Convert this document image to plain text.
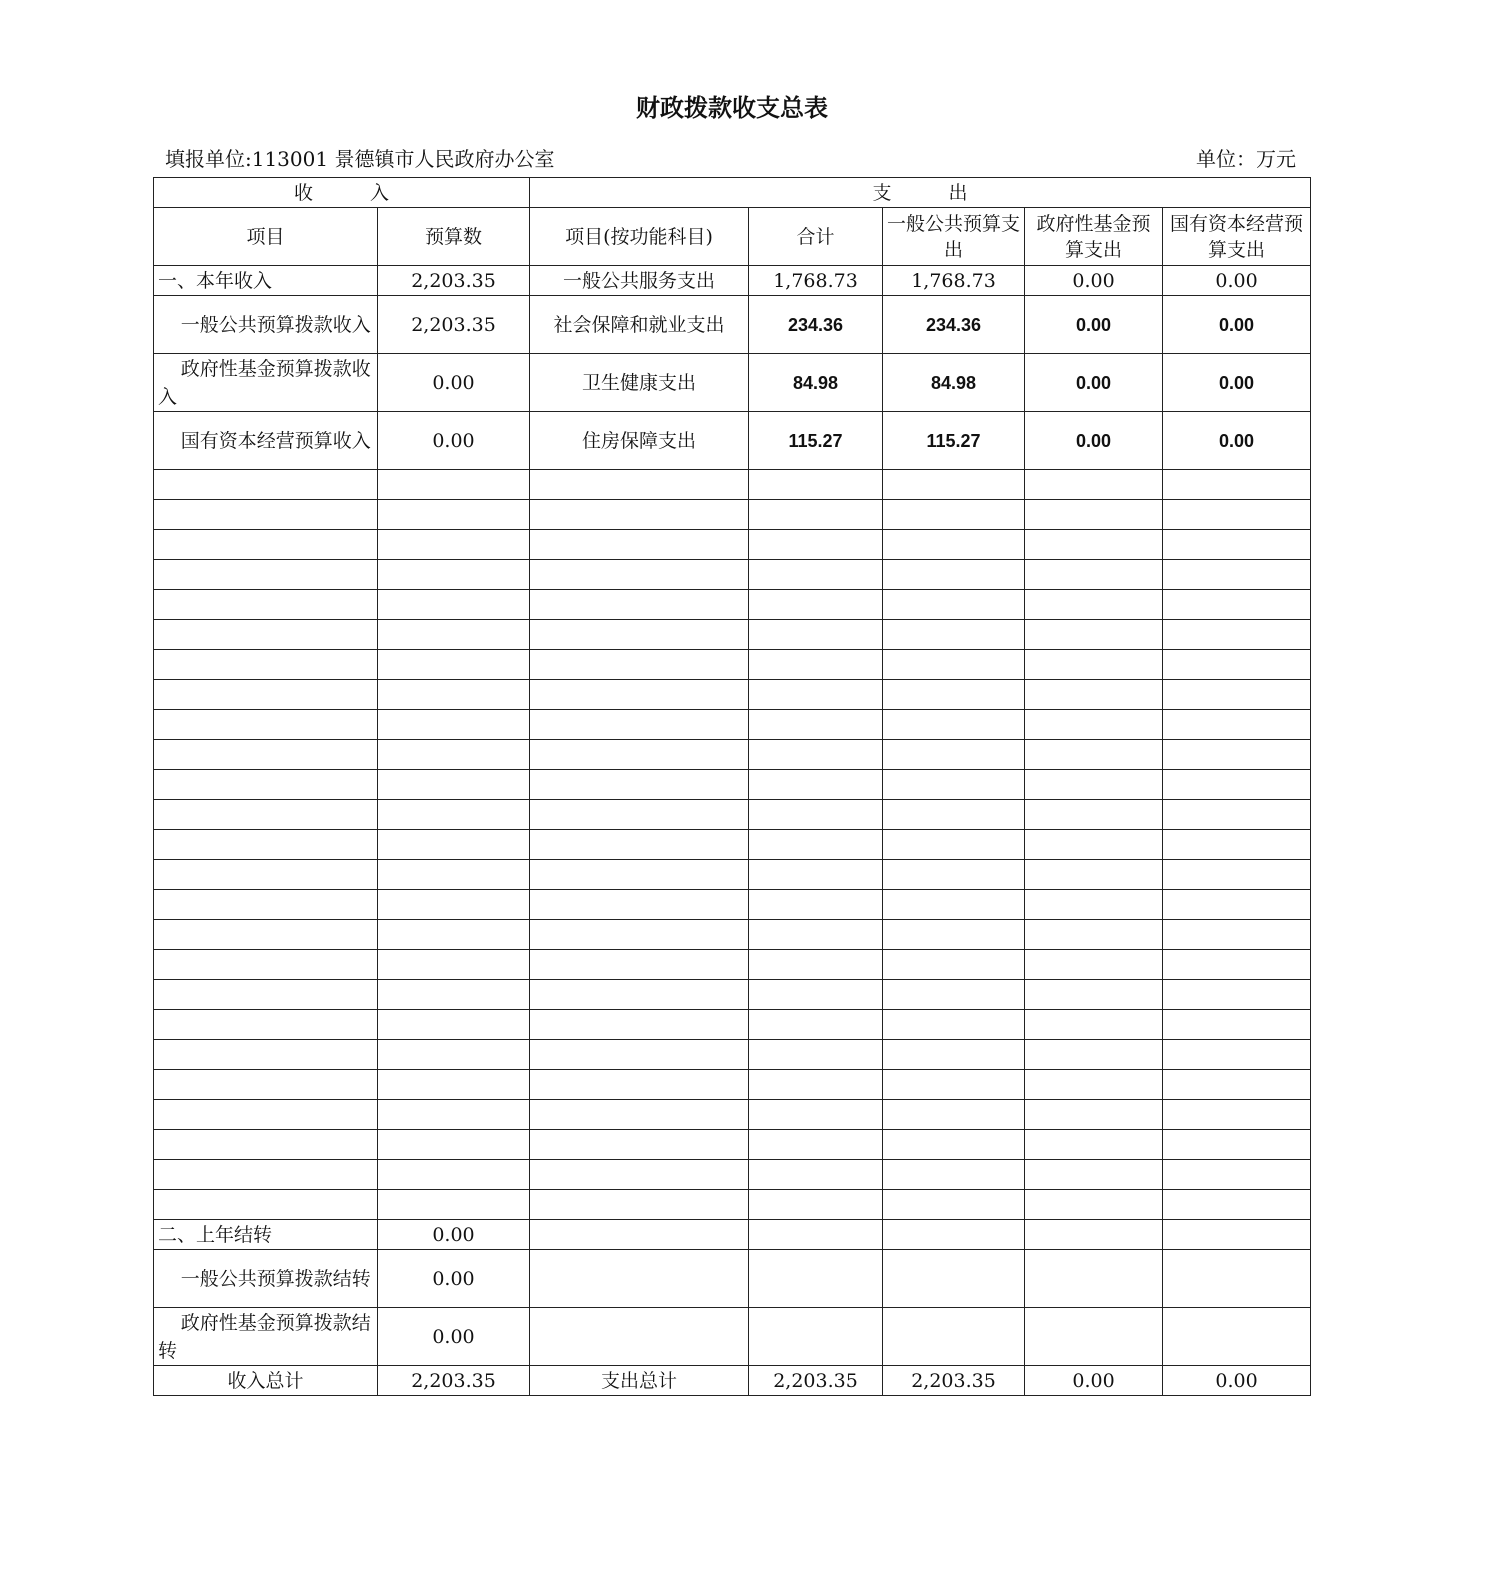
财政拨款收支总表
填报单位:113001 景德镇市人民政府办公室	单位：万元
收　　　入		支　　　出				
项目	预算数	项目(按功能科目)	合计	一般公共预算支出	政府性基金预算支出	国有资本经营预算支出
一、本年收入	2,203.35	一般公共服务支出	1,768.73	1,768.73	0.00	0.00
一般公共预算拨款收入	2,203.35	社会保障和就业支出	234.36	234.36	0.00	0.00
政府性基金预算拨款收入	0.00	卫生健康支出	84.98	84.98	0.00	0.00
国有资本经营预算收入	0.00	住房保障支出	115.27	115.27	0.00	0.00

二、上年结转	0.00					
一般公共预算拨款结转	0.00					
政府性基金预算拨款结转	0.00					
收入总计	2,203.35	支出总计	2,203.35	2,203.35	0.00	0.00
